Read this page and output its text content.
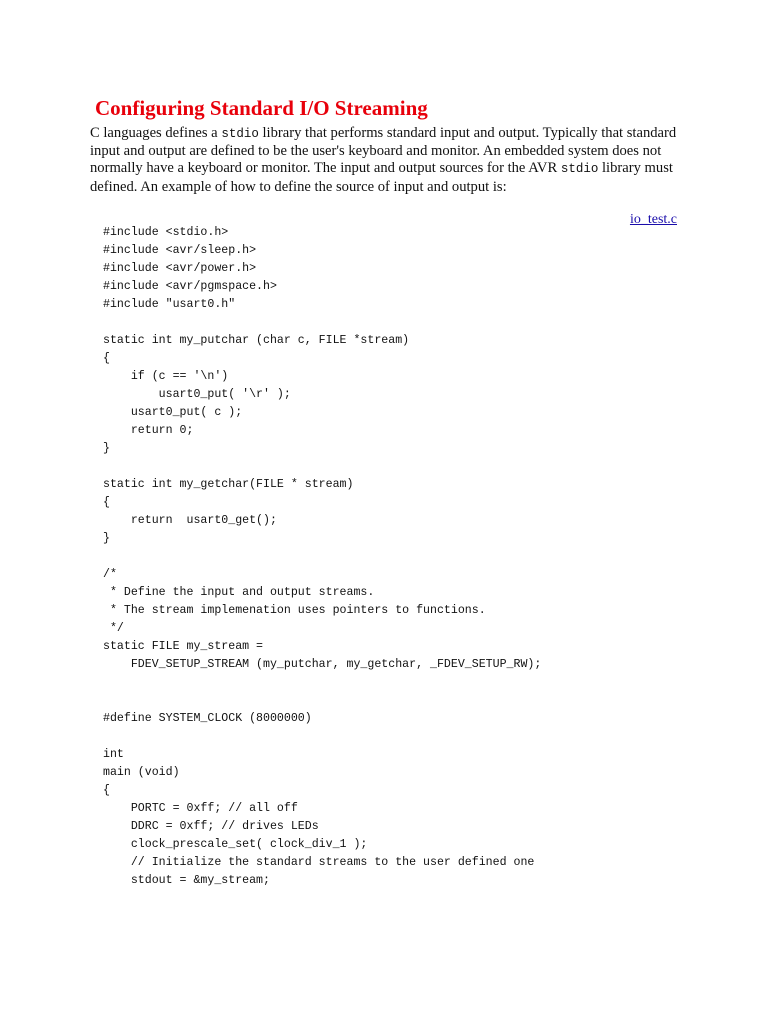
Configuring Standard I/O Streaming

C languages defines a stdio library that performs standard input and output. Typically that standard input and output are defined to be the user's keyboard and monitor. An embedded system does not normally have a keyboard or monitor. The input and output sources for the AVR stdio library must defined. An example of how to define the source of input and output is:

io_test.c
#include <stdio.h>
#include <avr/sleep.h>
#include <avr/power.h>
#include <avr/pgmspace.h>
#include "usart0.h"
static int my_putchar (char c, FILE *stream)
{
if (c == '\n')
usart0_put( '\r' );
usart0_put( c );
return 0;
}
static int my_getchar(FILE * stream)
{
return  usart0_get();
}
/*
* Define the input and output streams.
* The stream implemenation uses pointers to functions.
*/
static FILE my_stream =
FDEV_SETUP_STREAM (my_putchar, my_getchar, _FDEV_SETUP_RW);
#define SYSTEM_CLOCK (8000000)
int
main (void)
{
PORTC = 0xff; // all off
DDRC = 0xff; // drives LEDs
clock_prescale_set( clock_div_1 );
// Initialize the standard streams to the user defined one
stdout = &my_stream;
